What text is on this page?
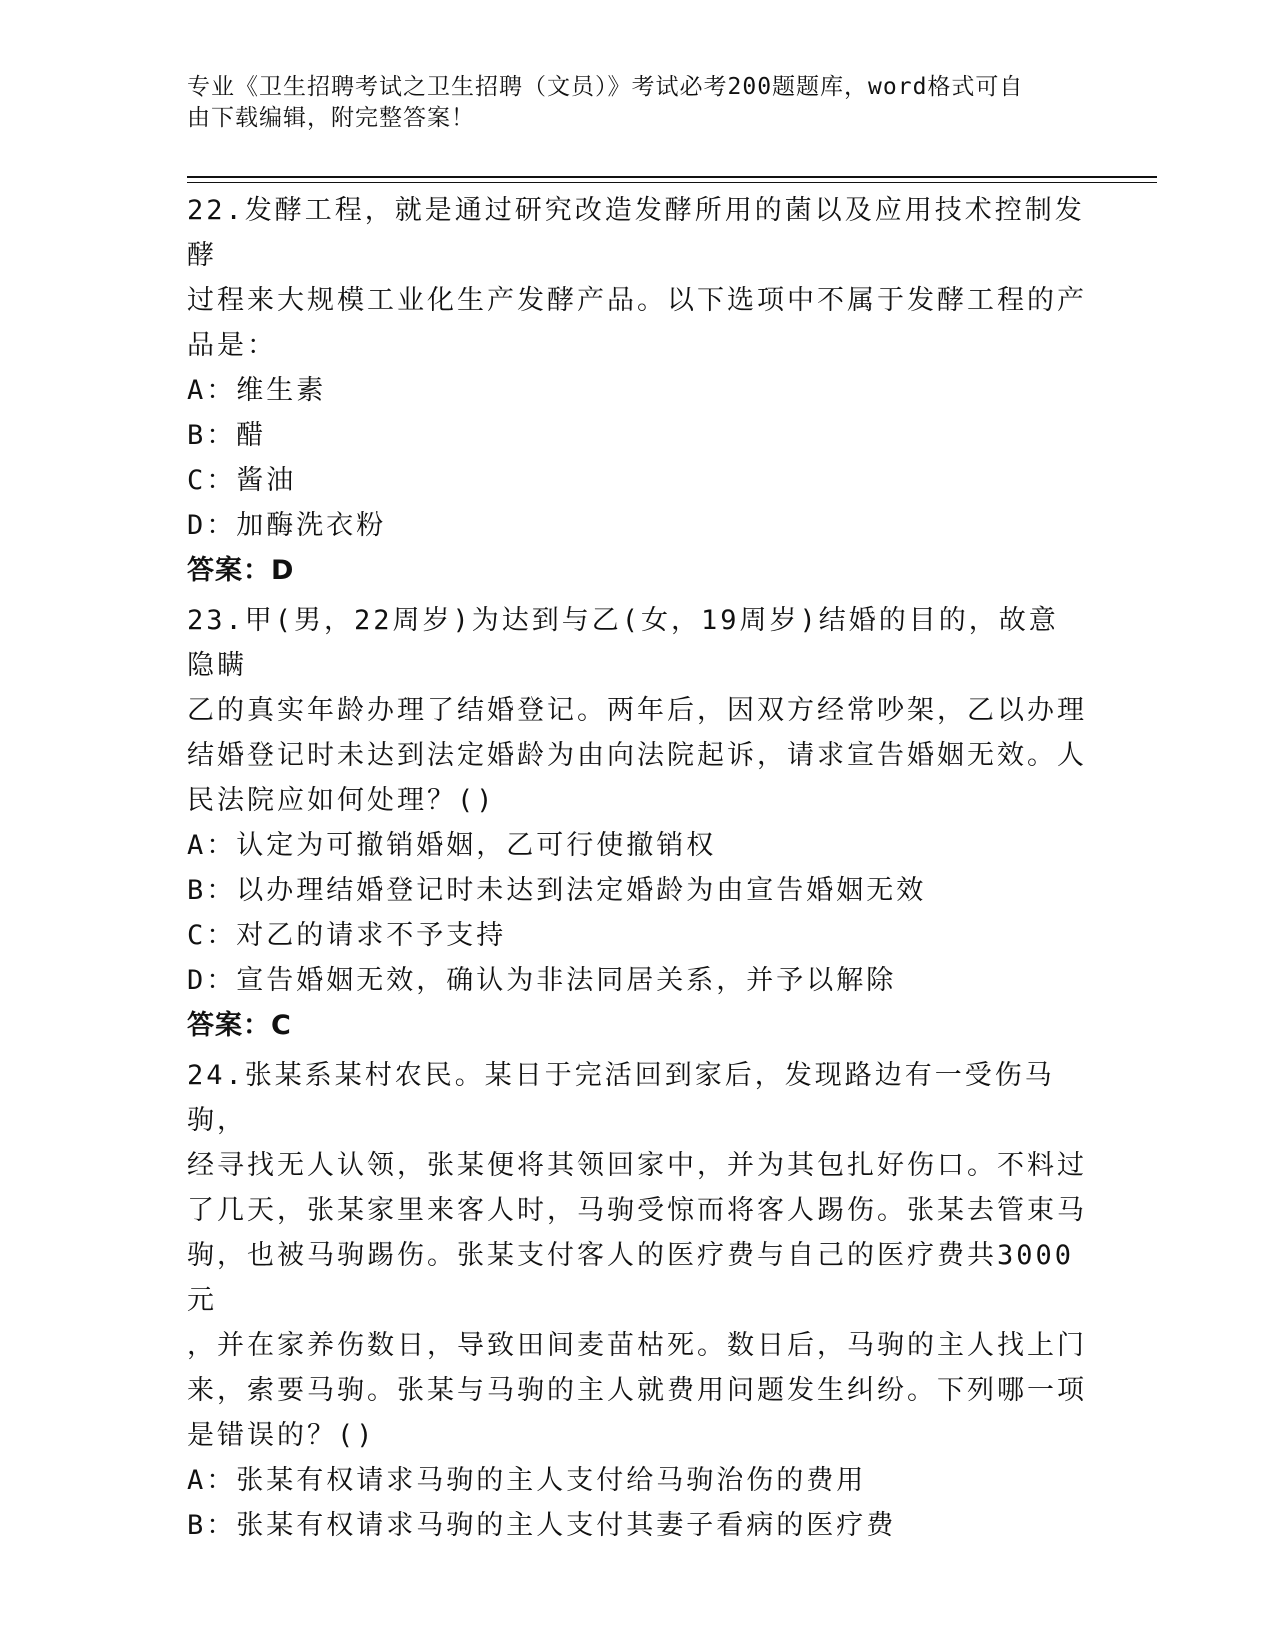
专业《卫生招聘考试之卫生招聘（文员）》考试必考200题题库，word格式可自
由下载编辑，附完整答案！
22.发酵工程，就是通过研究改造发酵所用的菌以及应用技术控制发酵
过程来大规模工业化生产发酵产品。以下选项中不属于发酵工程的产
品是：
A：维生素
B：醋
C：酱油
D：加酶洗衣粉
答案：D
23.甲(男，22周岁)为达到与乙(女，19周岁)结婚的目的，故意隐瞒
乙的真实年龄办理了结婚登记。两年后，因双方经常吵架，乙以办理
结婚登记时未达到法定婚龄为由向法院起诉，请求宣告婚姻无效。人
民法院应如何处理？()
A：认定为可撤销婚姻，乙可行使撤销权
B：以办理结婚登记时未达到法定婚龄为由宣告婚姻无效
C：对乙的请求不予支持
D：宣告婚姻无效，确认为非法同居关系，并予以解除
答案：C
24.张某系某村农民。某日于完活回到家后，发现路边有一受伤马驹，
经寻找无人认领，张某便将其领回家中，并为其包扎好伤口。不料过
了几天，张某家里来客人时，马驹受惊而将客人踢伤。张某去管束马
驹，也被马驹踢伤。张某支付客人的医疗费与自己的医疗费共3000元
，并在家养伤数日，导致田间麦苗枯死。数日后，马驹的主人找上门
来，索要马驹。张某与马驹的主人就费用问题发生纠纷。下列哪一项
是错误的？()
A：张某有权请求马驹的主人支付给马驹治伤的费用
B：张某有权请求马驹的主人支付其妻子看病的医疗费
